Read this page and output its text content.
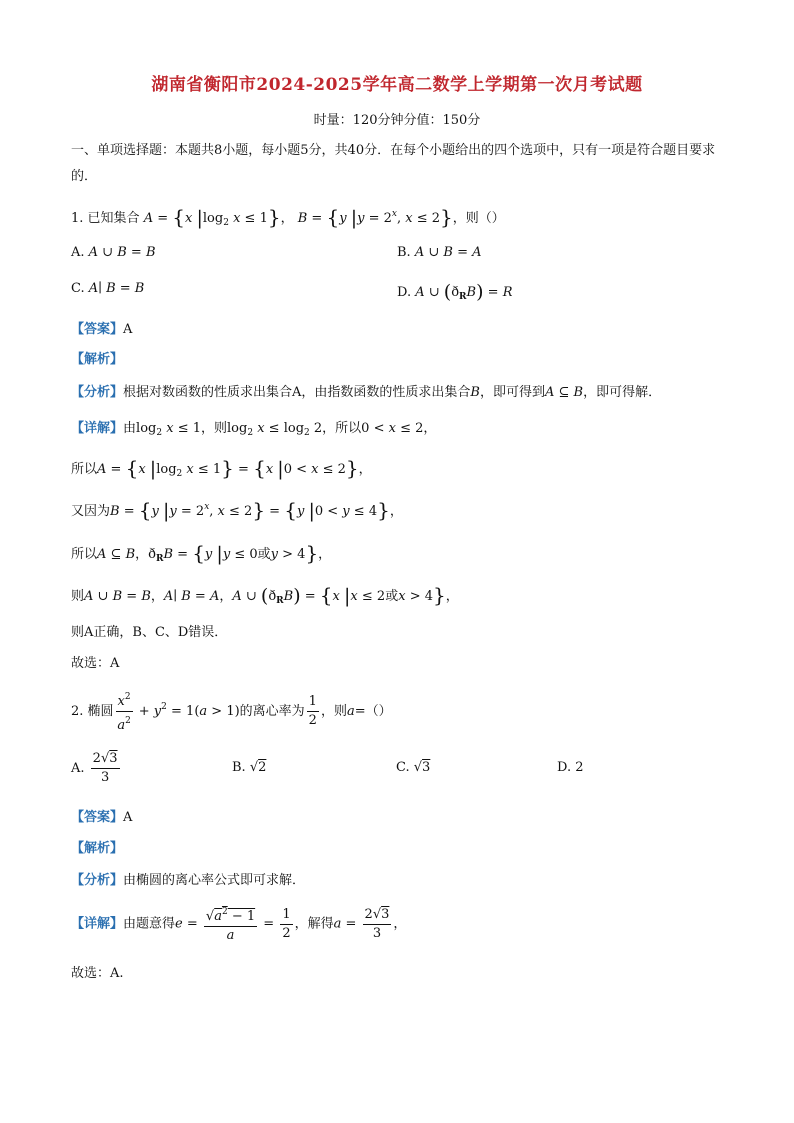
湖南省衡阳市2024-2025学年高二数学上学期第一次月考试题
时量：120分钟分值：150分
一、单项选择题：本题共8小题，每小题5分，共40分．在每个小题给出的四个选项中，只有一项是符合题目要求的．
1. 已知集合 A = {x $|\log_2$ x ≤ 1}， B = {y $|y = 2^x$, x ≤ 2}，则（）
A. A ∪ B = B	B. A ∪ B = A
C. A∣ B = B	D. A ∪ $(ð_RB) = R$
【答案】A
【解析】
【分析】根据对数函数的性质求出集合A，由指数函数的性质求出集合B，即可得到A ⊆ B，即可得解．
【详解】由$\log_2 x \le 1$，则$\log_2 x \le \log_2 2$，所以0 < x ≤ 2，
所以A = {x $|\log_2$ x ≤ 1} = {x |0 < x ≤ 2}，
又因为B = {y $|y = 2^x$, x ≤ 2} = {y |0 < y ≤ 4}，
所以A ⊆ B，$ð_RB = \{y$ |y ≤ 0或y > 4}，
则A ∪ B = B，A∣ B = A，A ∪ $(ð_RB) = \{x$ |x ≤ 2或x > 4}，
则A正确，B、C、D错误．
故选：A
2. 椭圆 $\frac{x^2}{a^2} + y^2 = 1(a > 1)$的离心率为 $\frac{1}{2}$ ，则a=（）
A. $\frac{2√3}{3}$	B. √2	C. √3	D. 2
【答案】A
【解析】
【分析】由椭圆的离心率公式即可求解．
【详解】由题意得$e = \frac{√a^2 - 1}{a} = \frac{1}{2}$ ，解得$a = \frac{2√3}{3}$ ，
故选：A.
